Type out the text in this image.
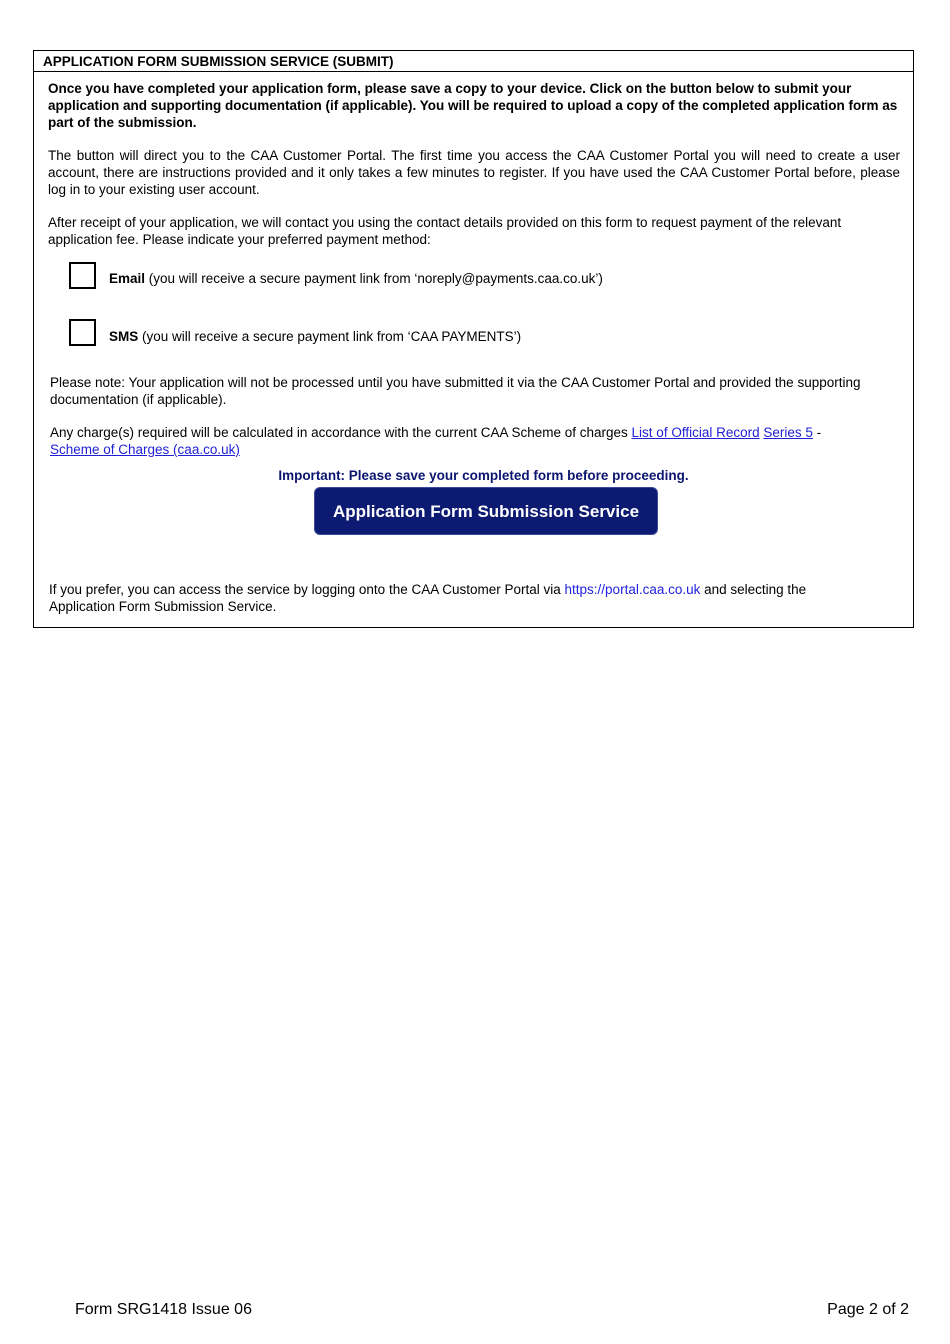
APPLICATION FORM SUBMISSION SERVICE (SUBMIT)

Once you have completed your application form, please save a copy to your device. Click on the button below to submit your application and supporting documentation (if applicable). You will be required to upload a copy of the completed application form as part of the submission.

The button will direct you to the CAA Customer Portal. The first time you access the CAA Customer Portal you will need to create a user account, there are instructions provided and it only takes a few minutes to register. If you have used the CAA Customer Portal before, please log in to your existing user account.

After receipt of your application, we will contact you using the contact details provided on this form to request payment of the relevant application fee. Please indicate your preferred payment method:

Email (you will receive a secure payment link from ‘noreply@payments.caa.co.uk’)
SMS (you will receive a secure payment link from ‘CAA PAYMENTS’)

Please note: Your application will not be processed until you have submitted it via the CAA Customer Portal and provided the supporting documentation (if applicable).

Any charge(s) required will be calculated in accordance with the current CAA Scheme of charges List of Official Record Series 5 - Scheme of Charges (caa.co.uk)

Important: Please save your completed form before proceeding.
Application Form Submission Service

If you prefer, you can access the service by logging onto the CAA Customer Portal via https://portal.caa.co.uk and selecting the Application Form Submission Service.

Form SRG1418 Issue 06	Page 2 of 2
